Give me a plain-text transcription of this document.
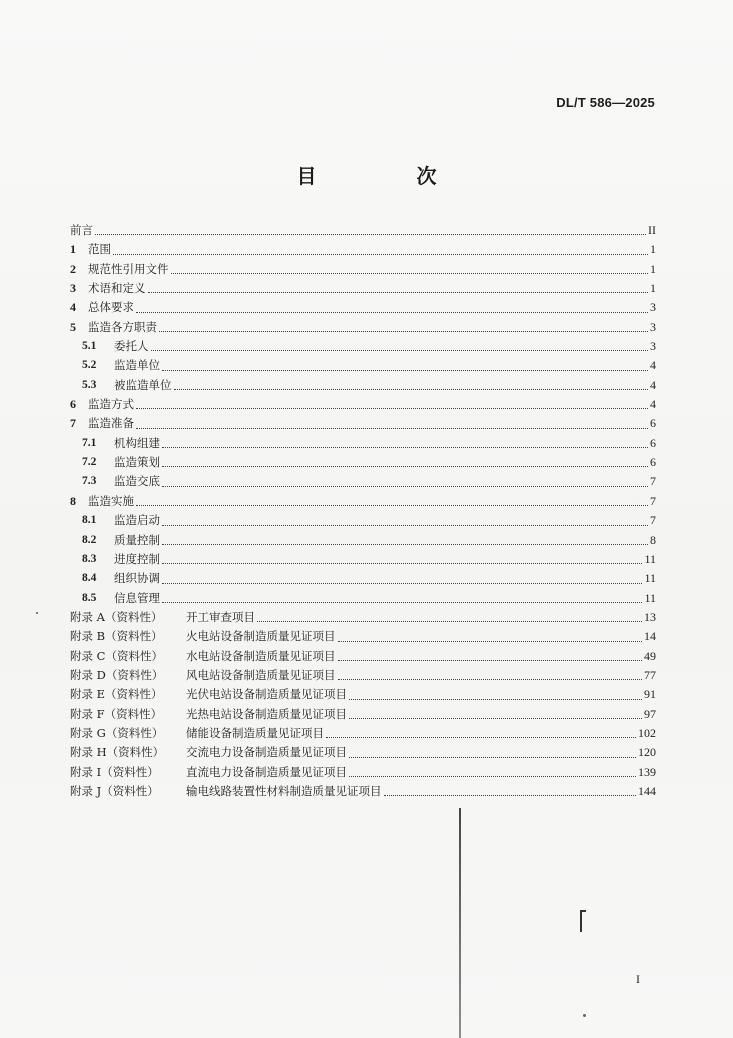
DL/T 586—2025
目　次
前言	II
1	范围	1
2	规范性引用文件	1
3	术语和定义	1
4	总体要求	3
5	监造各方职责	3
5.1	委托人	3
5.2	监造单位	4
5.3	被监造单位	4
6	监造方式	4
7	监造准备	6
7.1	机构组建	6
7.2	监造策划	6
7.3	监造交底	7
8	监造实施	7
8.1	监造启动	7
8.2	质量控制	8
8.3	进度控制	11
8.4	组织协调	11
8.5	信息管理	11
附录 A（资料性）	开工审查项目	13
附录 B（资料性）	火电站设备制造质量见证项目	14
附录 C（资料性）	水电站设备制造质量见证项目	49
附录 D（资料性）	风电站设备制造质量见证项目	77
附录 E（资料性）	光伏电站设备制造质量见证项目	91
附录 F（资料性）	光热电站设备制造质量见证项目	97
附录 G（资料性）	储能设备制造质量见证项目	102
附录 H（资料性）	交流电力设备制造质量见证项目	120
附录 I（资料性）	直流电力设备制造质量见证项目	139
附录 J（资料性）	输电线路装置性材料制造质量见证项目	144
I
